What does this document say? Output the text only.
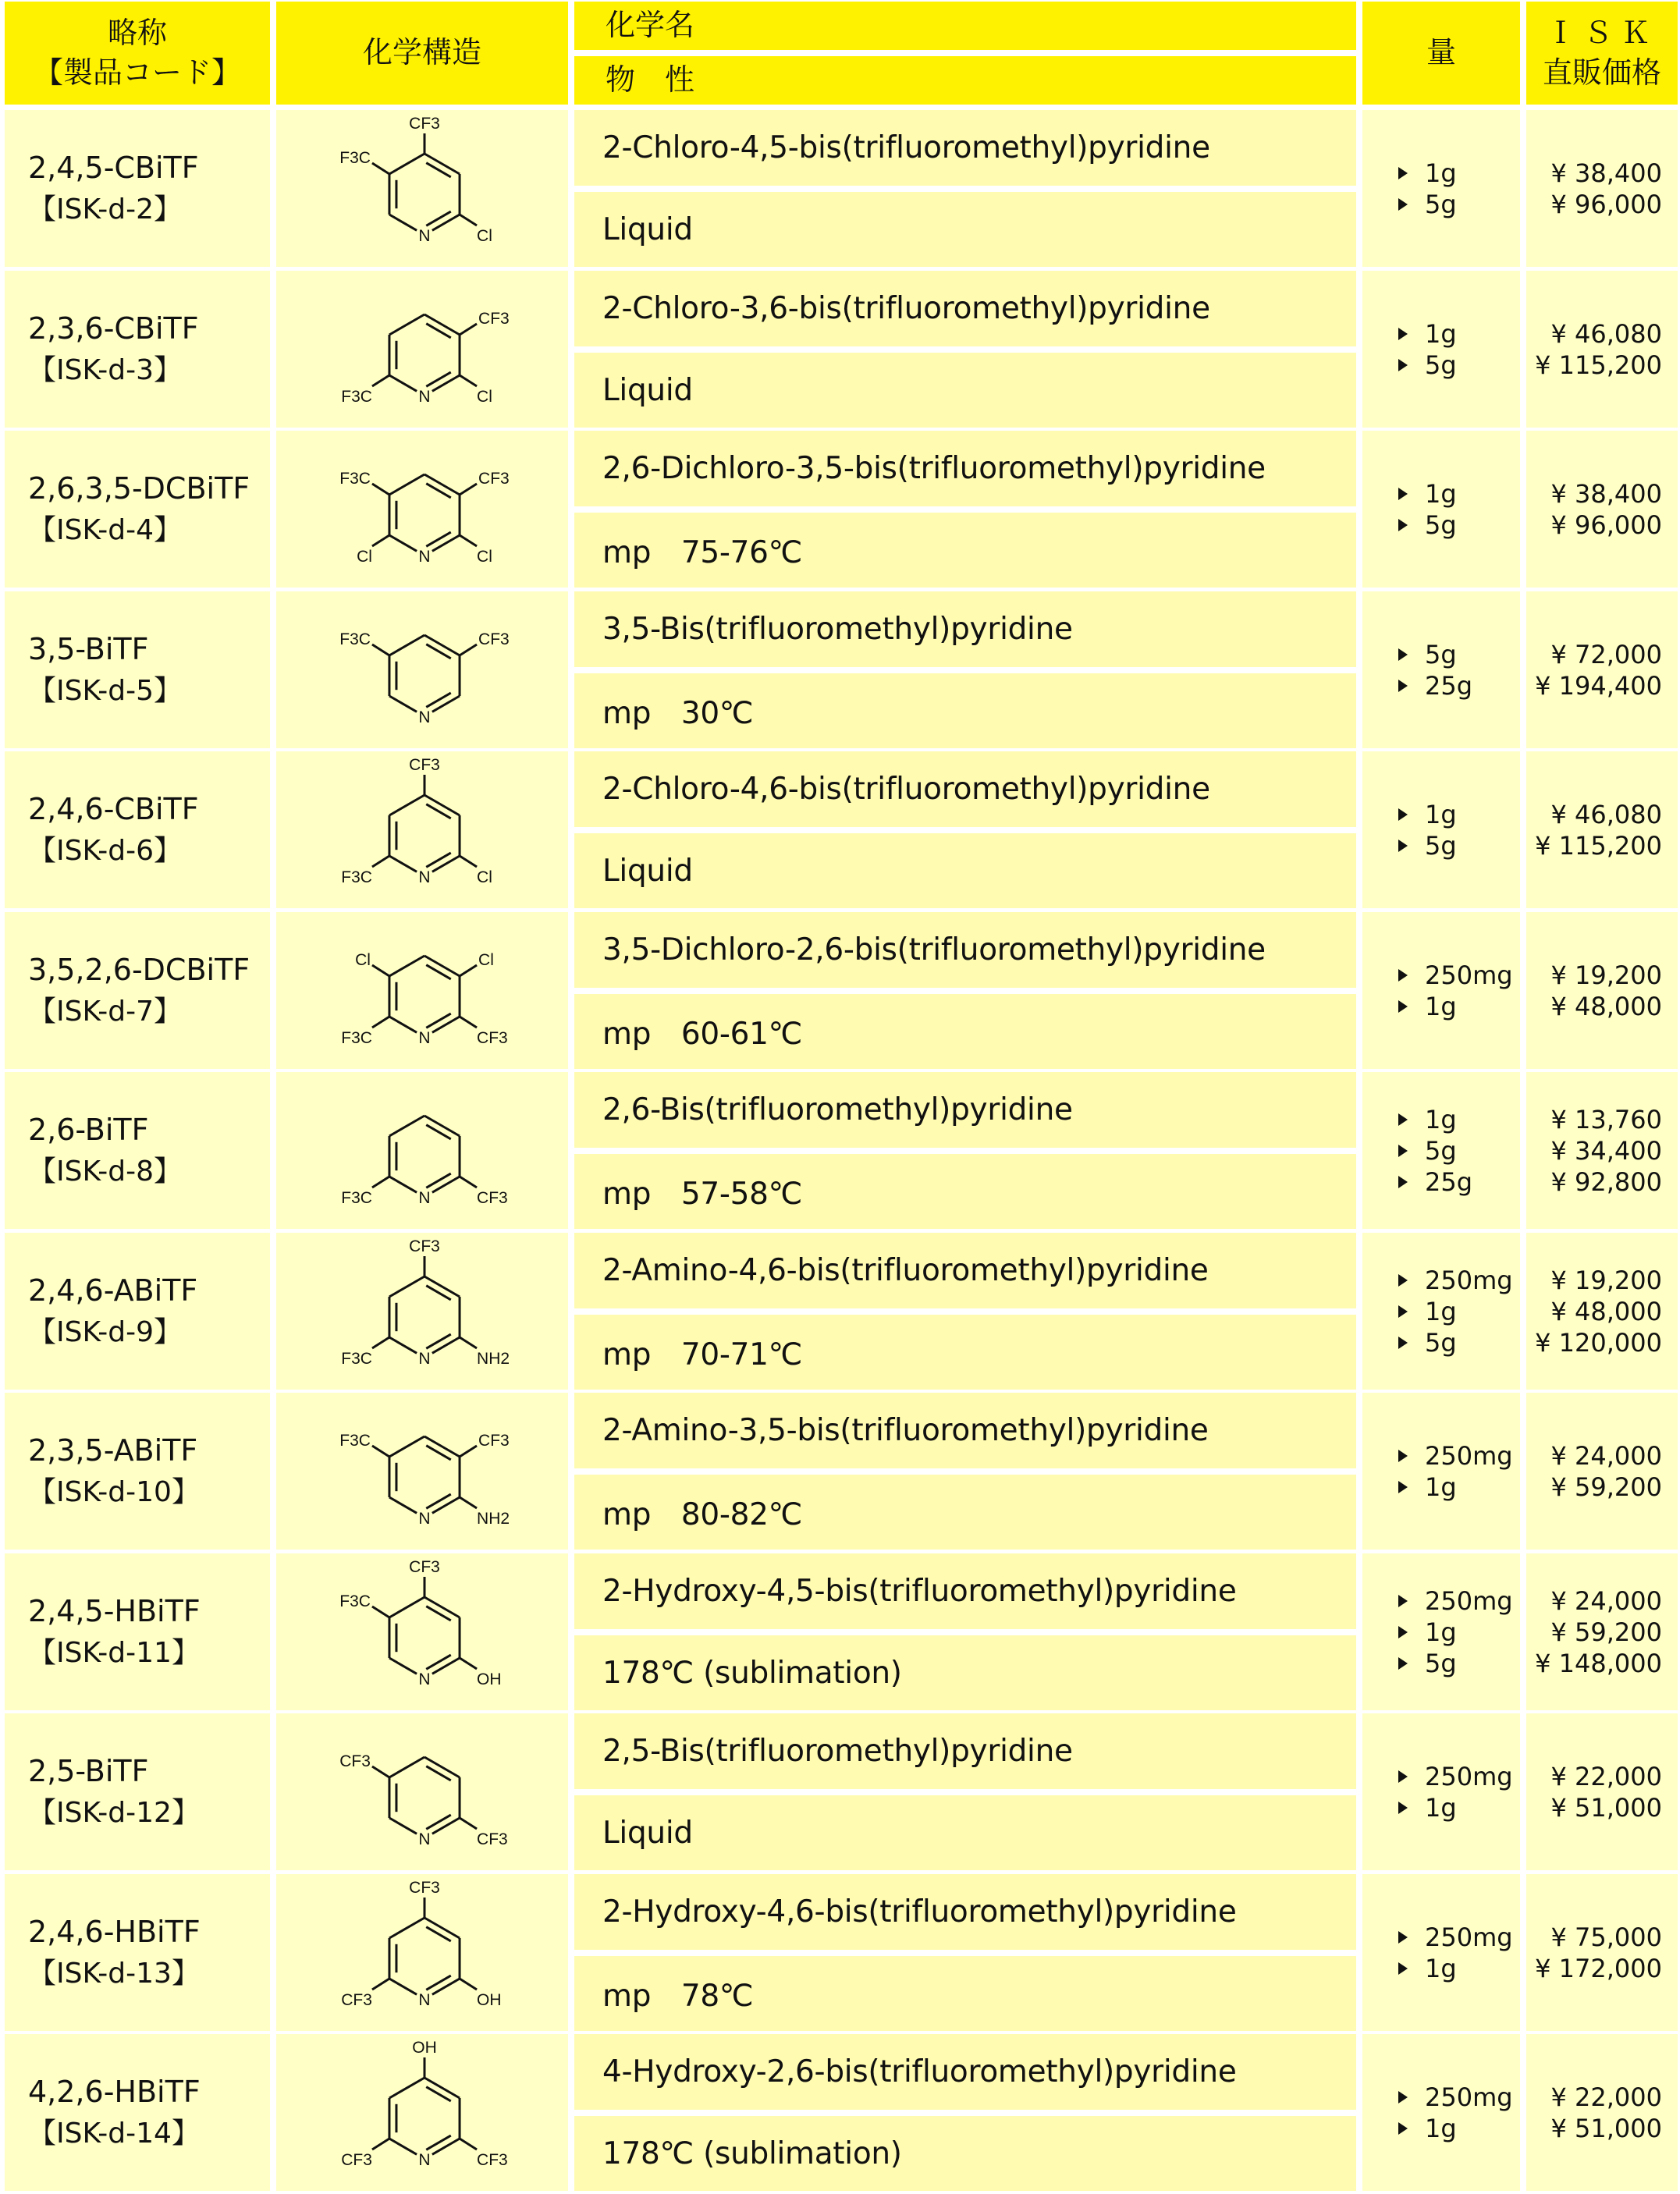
略称
【製品コード】
化学構造
化学名
物　性
量
ＩＳＫ
直販価格
2,4,5-CBiTF
【ISK-d-2】
N
CF3
F3C
Cl
2-Chloro-4,5-bis(trifluoromethyl)pyridine
Liquid
1g
5g
¥ 38,400
¥ 96,000
2,3,6-CBiTF
【ISK-d-3】
N
CF3
Cl
F3C
2-Chloro-3,6-bis(trifluoromethyl)pyridine
Liquid
1g
5g
¥ 46,080
¥ 115,200
2,6,3,5-DCBiTF
【ISK-d-4】
N
CF3
F3C
Cl
Cl
2,6-Dichloro-3,5-bis(trifluoromethyl)pyridine
mp　75-76℃
1g
5g
¥ 38,400
¥ 96,000
3,5-BiTF
【ISK-d-5】
N
CF3
F3C	3,5-Bis(trifluoromethyl)pyridine
mp　30℃
5g
25g
¥ 72,000
¥ 194,400
2,4,6-CBiTF
【ISK-d-6】
N
CF3
Cl
F3C
2-Chloro-4,6-bis(trifluoromethyl)pyridine
Liquid
1g
5g
¥ 46,080
¥ 115,200
3,5,2,6-DCBiTF
【ISK-d-7】
N
Cl
Cl
CF3
F3C
3,5-Dichloro-2,6-bis(trifluoromethyl)pyridine
mp　60-61℃
250mg
1g
¥ 19,200
¥ 48,000
2,6-BiTF
【ISK-d-8】
N	CF3
F3C
2,6-Bis(trifluoromethyl)pyridine
mp　57-58℃
1g
5g
25g
¥ 13,760
¥ 34,400
¥ 92,800
2,4,6-ABiTF
【ISK-d-9】
N
CF3
NH2
F3C
2-Amino-4,6-bis(trifluoromethyl)pyridine
mp　70-71℃
250mg
1g
5g
¥ 19,200
¥ 48,000
¥ 120,000
2,3,5-ABiTF
【ISK-d-10】
N
CF3
F3C
NH2
2-Amino-3,5-bis(trifluoromethyl)pyridine
mp　80-82℃
250mg
1g
¥ 24,000
¥ 59,200
2,4,5-HBiTF
【ISK-d-11】
N
CF3
F3C
OH
2-Hydroxy-4,5-bis(trifluoromethyl)pyridine
178℃ (sublimation)
250mg
1g
5g
¥ 24,000
¥ 59,200
¥ 148,000
2,5-BiTF
【ISK-d-12】
N
CF3
CF3
2,5-Bis(trifluoromethyl)pyridine
Liquid
250mg
1g
¥ 22,000
¥ 51,000
2,4,6-HBiTF
【ISK-d-13】
N
CF3
OH
CF3
2-Hydroxy-4,6-bis(trifluoromethyl)pyridine
mp　78℃
250mg
1g
¥ 75,000
¥ 172,000
4,2,6-HBiTF
【ISK-d-14】
N
OH
CF3
CF3
4-Hydroxy-2,6-bis(trifluoromethyl)pyridine
178℃ (sublimation)
250mg
1g
¥ 22,000
¥ 51,000
